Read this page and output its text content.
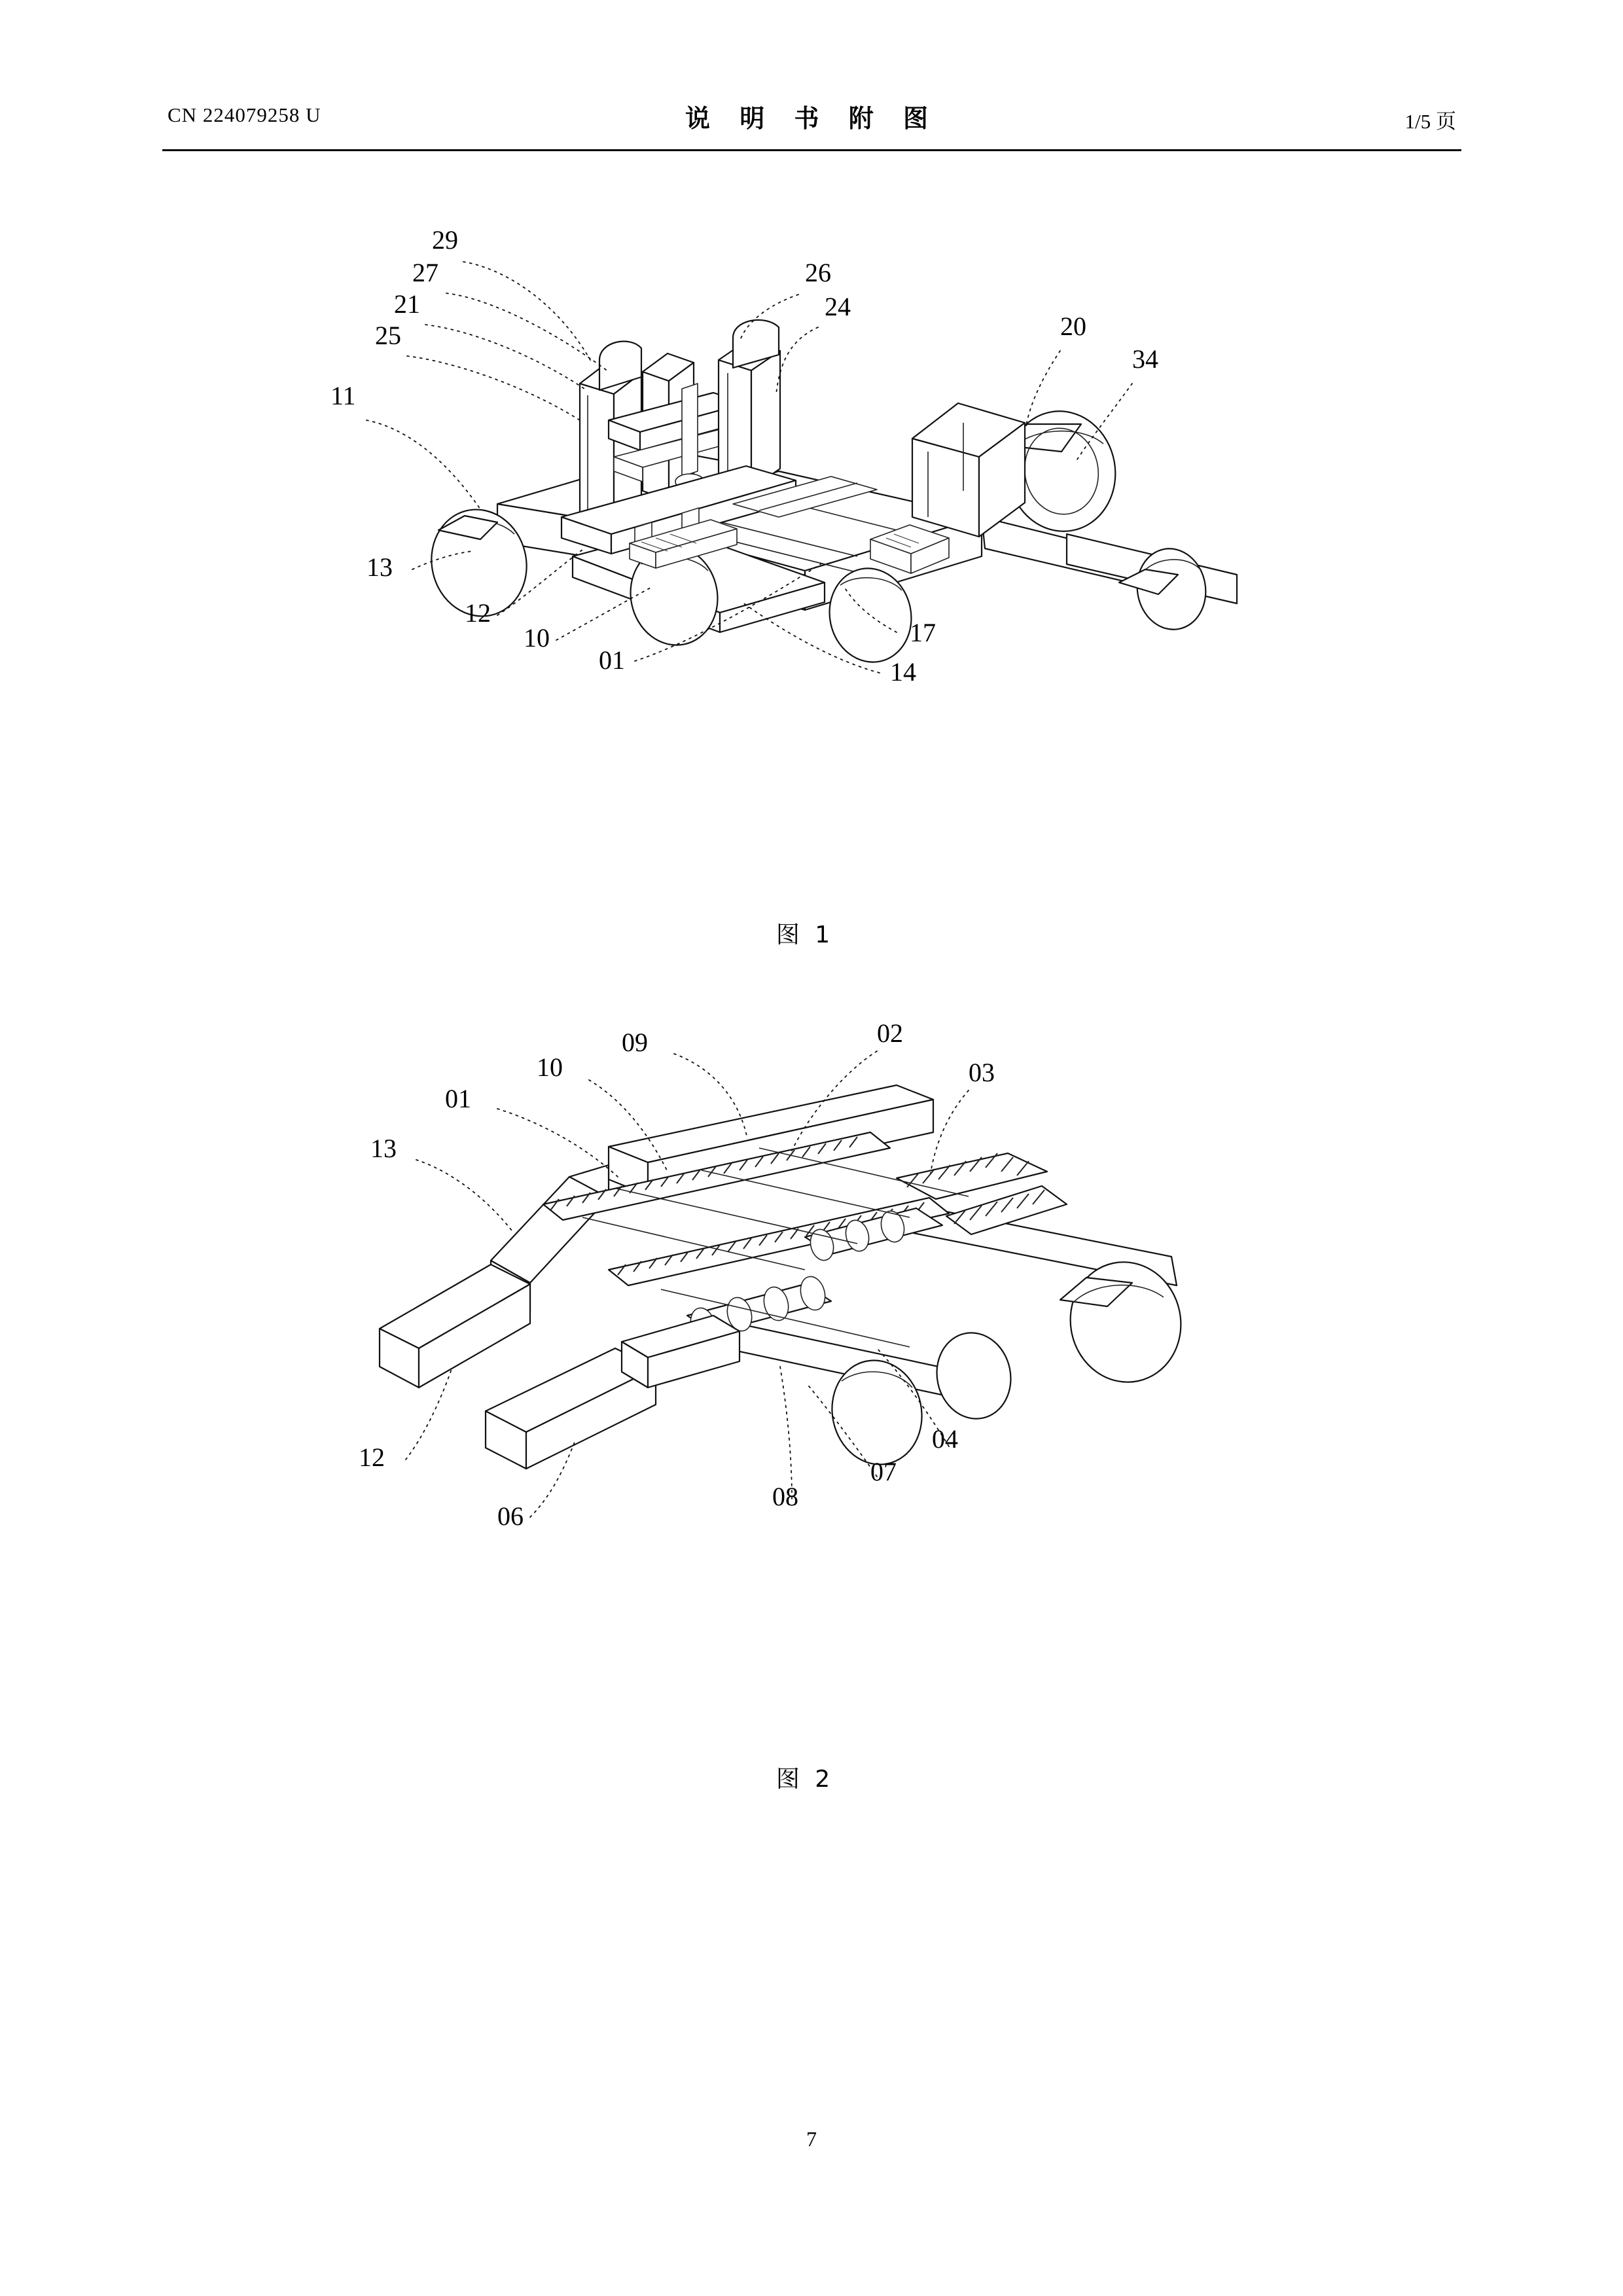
CN 224079258 U	说 明 书 附 图	1/5 页
29
27
21
25
26
24
20
34
11
13
12
10
01
17
14
图 1
09	02
10	03
01
13
12
06
08
07
04
图 2
7
